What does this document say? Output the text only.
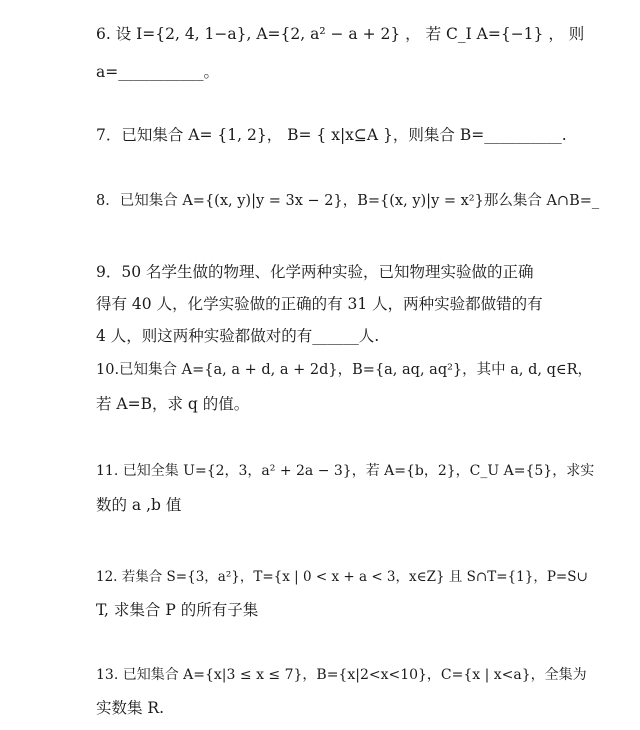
6. 设 I={2, 4, 1−a}, A={2, a² − a + 2} ， 若 C_I A={−1} ， 则
a=___________。
7．已知集合 A= {1, 2}， B= { x|x⊆A }，则集合 B=__________.
8．已知集合 A={(x, y)|y = 3x − 2}，B={(x, y)|y = x²}那么集合 A∩B=_
9．50 名学生做的物理、化学两种实验，已知物理实验做的正确
得有 40 人，化学实验做的正确的有 31 人，两种实验都做错的有
4 人，则这两种实验都做对的有______人.
10.已知集合 A={a, a + d, a + 2d}，B={a, aq, aq²}，其中 a, d, q∈R，
若 A=B，求 q 的值。
11. 已知全集 U={2，3，a² + 2a − 3}，若 A={b，2}，C_U A={5}，求实
数的 a ,b 值
12. 若集合 S={3，a²}，T={x | 0 < x + a < 3，x∈Z} 且 S∩T={1}，P=S∪
T, 求集合 P 的所有子集
13. 已知集合 A={x|3 ≤ x ≤ 7}，B={x|2<x<10}，C={x | x<a}，全集为
实数集 R.
